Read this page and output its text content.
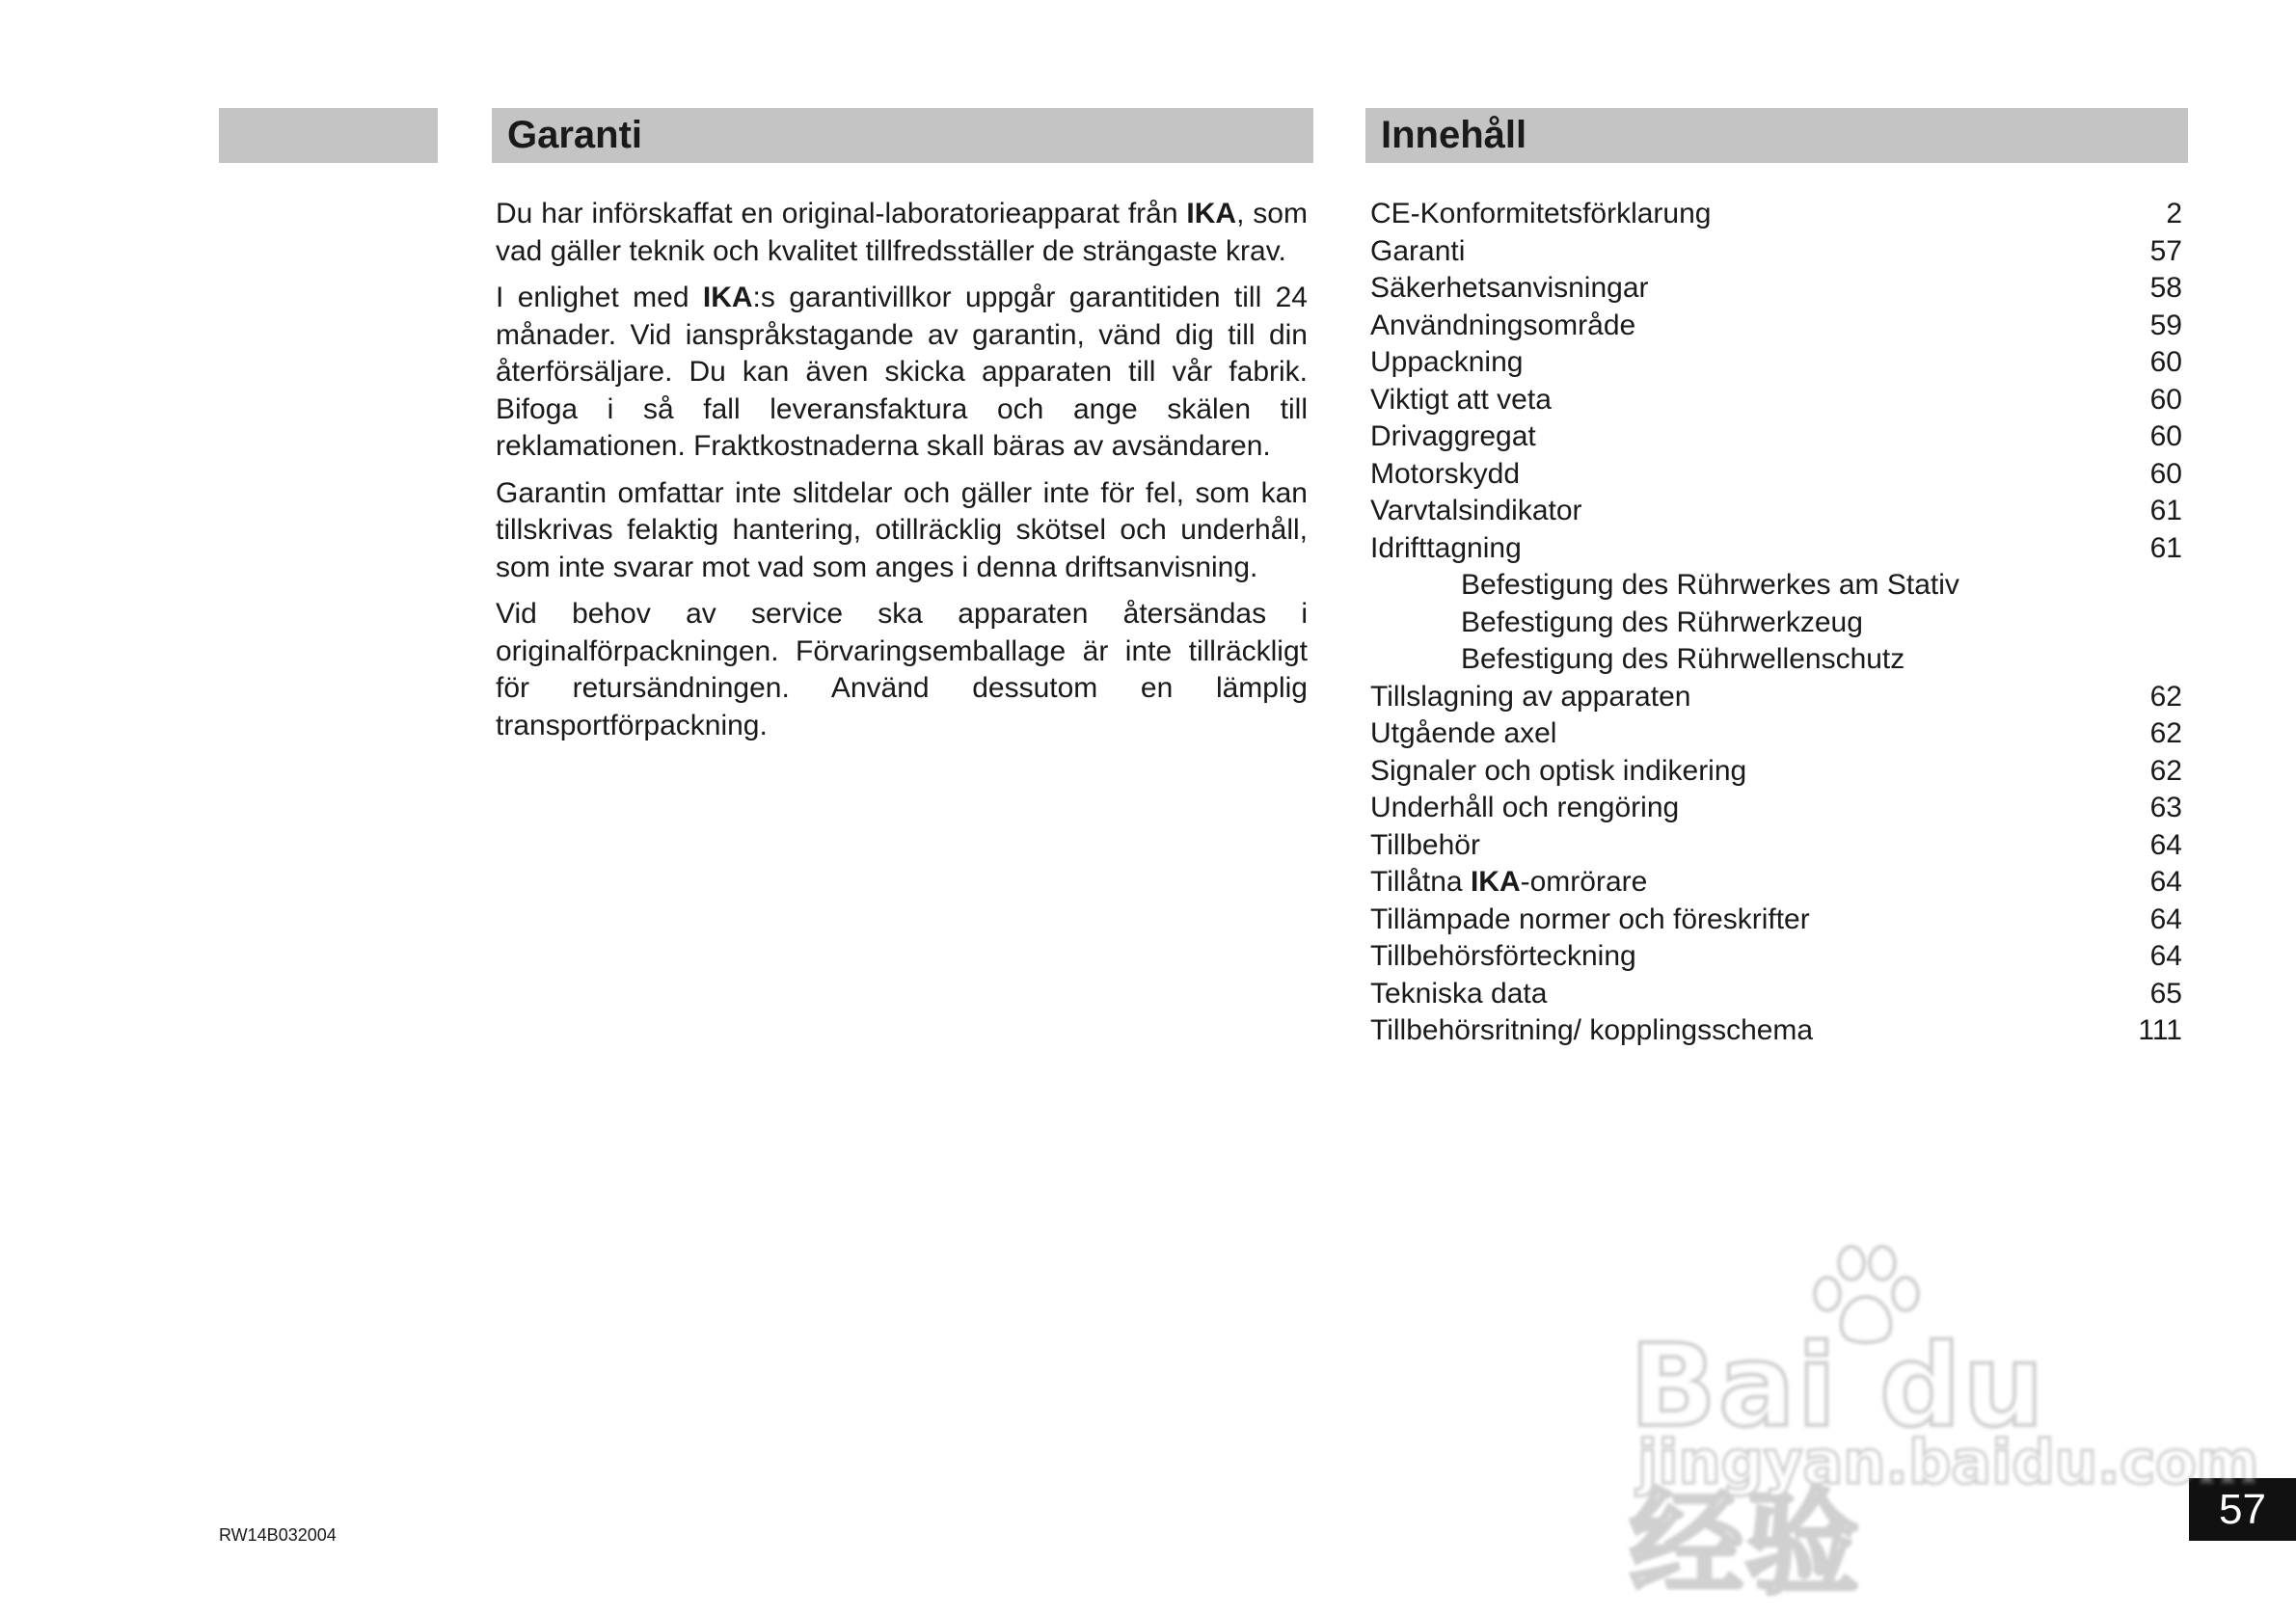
Garanti	Innehåll

Du har införskaffat en original-laboratorieapparat från IKA, som vad gäller teknik och kvalitet tillfredsställer de strängaste krav.

I enlighet med IKA:s garantivillkor uppgår garantitiden till 24 månader. Vid ianspråkstagande av garantin, vänd dig till din återförsäljare. Du kan även skicka apparaten till vår fabrik. Bifoga i så fall leveransfaktura och ange skälen till reklamationen. Fraktkostnaderna skall bäras av avsändaren.

Garantin omfattar inte slitdelar och gäller inte för fel, som kan tillskrivas felaktig hantering, otillräcklig skötsel och underhåll, som inte svarar mot vad som anges i denna driftsanvisning.

Vid behov av service ska apparaten återsändas i originalförpackningen. Förvaringsemballage är inte tillräckligt för retursändningen. Använd dessutom en lämplig transportförpackning.

CE-Konformitetsförklarung	2
Garanti	57
Säkerhetsanvisningar	58
Användningsområde	59
Uppackning	60
Viktigt att veta	60
Drivaggregat	60
Motorskydd	60
Varvtalsindikator	61
Idrifttagning	61
Befestigung des Rührwerkes am Stativ
Befestigung des Rührwerkzeug
Befestigung des Rührwellenschutz
Tillslagning av apparaten	62
Utgående axel	62
Signaler och optisk indikering	62
Underhåll och rengöring	63
Tillbehör	64
Tillåtna IKA-omrörare	64
Tillämpade normer och föreskrifter	64
Tillbehörsförteckning	64
Tekniska data	65
Tillbehörsritning/ kopplingsschema	111
RW14B032004
57
Bai du 经验
jingyan.baidu.com
